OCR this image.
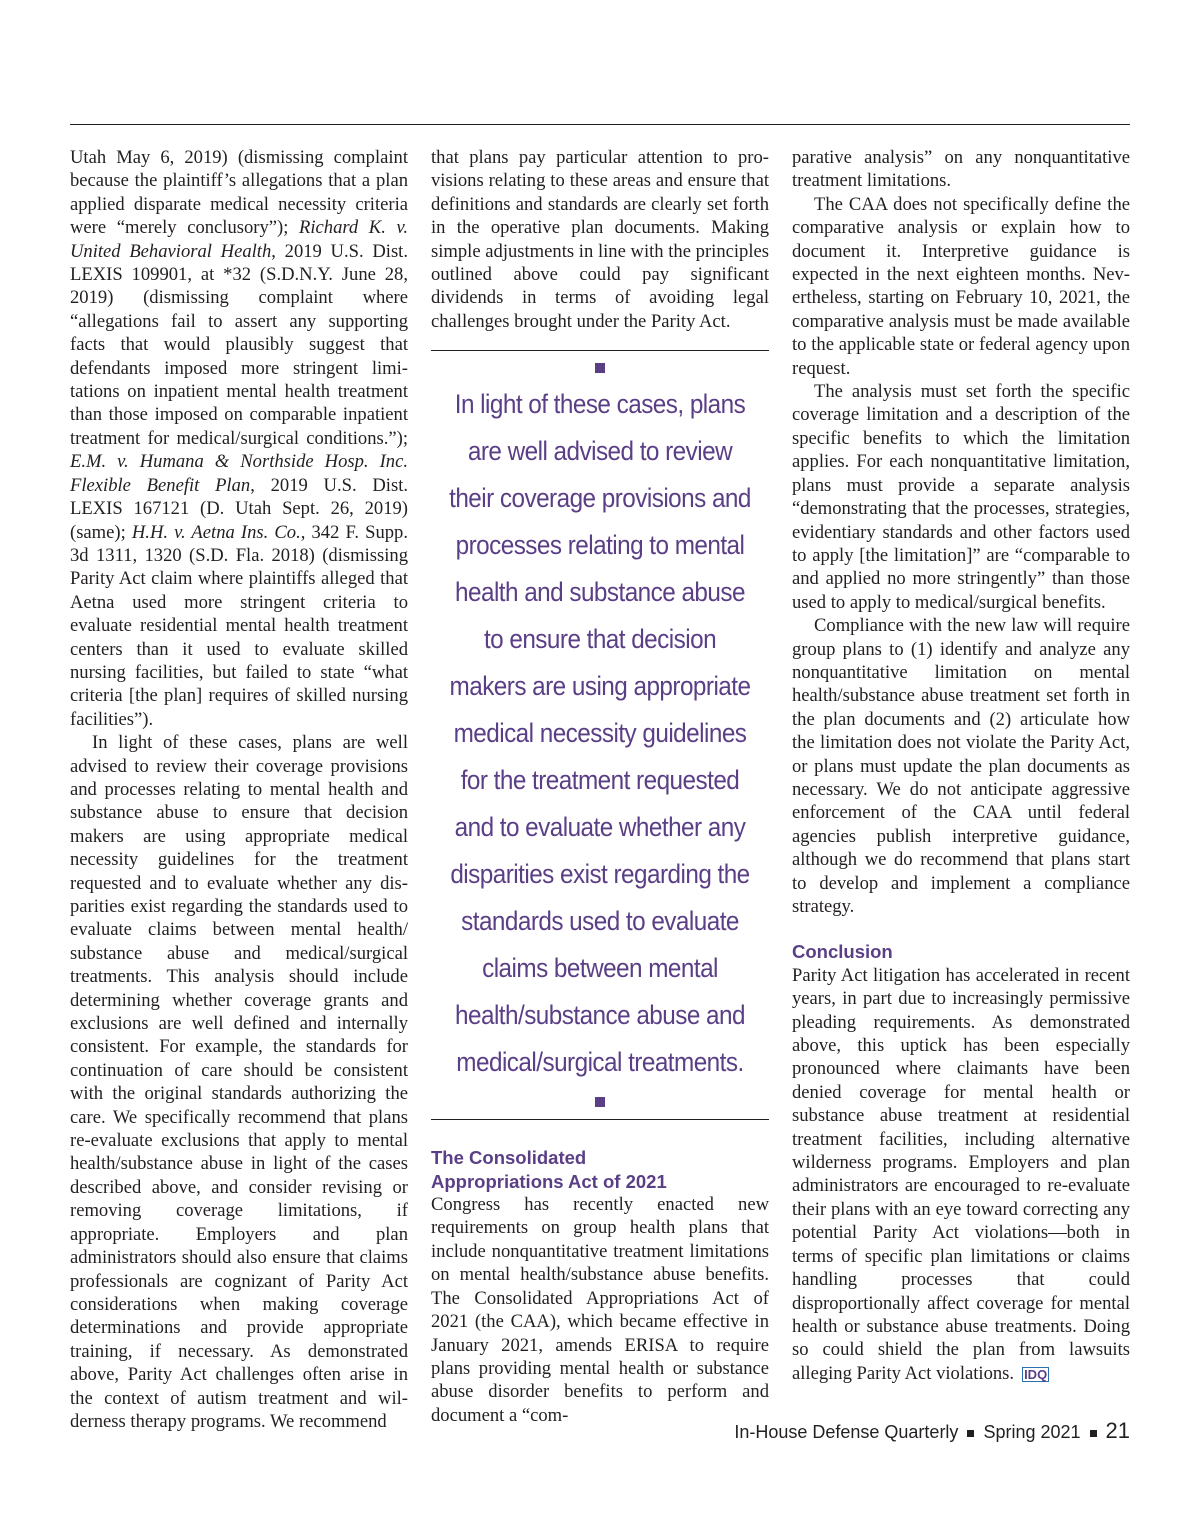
Utah May 6, 2019) (dismissing complaint because the plaintiff’s allegations that a plan applied disparate medical necessity criteria were “merely conclusory”); Richard K. v. United Behavioral Health, 2019 U.S. Dist. LEXIS 109901, at *32 (S.D.N.Y. June 28, 2019) (dismissing complaint where “allegations fail to assert any supporting facts that would plausibly suggest that defendants imposed more stringent limitations on inpatient mental health treatment than those imposed on comparable inpatient treatment for medical/surgical conditions.”); E.M. v. Humana & Northside Hosp. Inc. Flexible Benefit Plan, 2019 U.S. Dist. LEXIS 167121 (D. Utah Sept. 26, 2019) (same); H.H. v. Aetna Ins. Co., 342 F. Supp. 3d 1311, 1320 (S.D. Fla. 2018) (dismissing Parity Act claim where plaintiffs alleged that Aetna used more stringent criteria to evaluate residential mental health treatment centers than it used to evaluate skilled nursing facilities, but failed to state “what criteria [the plan] requires of skilled nursing facilities”).

In light of these cases, plans are well advised to review their coverage provisions and processes relating to mental health and substance abuse to ensure that decision makers are using appropriate medical necessity guidelines for the treatment requested and to evaluate whether any disparities exist regarding the standards used to evaluate claims between mental health/ substance abuse and medical/surgical treatments. This analysis should include determining whether coverage grants and exclusions are well defined and internally consistent. For example, the standards for continuation of care should be consistent with the original standards authorizing the care. We specifically recommend that plans re-evaluate exclusions that apply to mental health/substance abuse in light of the cases described above, and consider revising or removing coverage limitations, if appropriate. Employers and plan administrators should also ensure that claims professionals are cognizant of Parity Act considerations when making coverage determinations and provide appropriate training, if necessary. As demonstrated above, Parity Act challenges often arise in the context of autism treatment and wilderness therapy programs. We recommend

that plans pay particular attention to provisions relating to these areas and ensure that definitions and standards are clearly set forth in the operative plan documents. Making simple adjustments in line with the principles outlined above could pay significant dividends in terms of avoiding legal challenges brought under the Parity Act.

In light of these cases, plans are well advised to review their coverage provisions and processes relating to mental health and substance abuse to ensure that decision makers are using appropriate medical necessity guidelines for the treatment requested and to evaluate whether any disparities exist regarding the standards used to evaluate claims between mental health/substance abuse and medical/surgical treatments.
The Consolidated
Appropriations Act of 2021

Congress has recently enacted new requirements on group health plans that include nonquantitative treatment limitations on mental health/substance abuse benefits. The Consolidated Appropriations Act of 2021 (the CAA), which became effective in January 2021, amends ERISA to require plans providing mental health or substance abuse disorder benefits to perform and document a “com-

parative analysis” on any nonquantitative treatment limitations.

The CAA does not specifically define the comparative analysis or explain how to document it. Interpretive guidance is expected in the next eighteen months. Nevertheless, starting on February 10, 2021, the comparative analysis must be made available to the applicable state or federal agency upon request.

The analysis must set forth the specific coverage limitation and a description of the specific benefits to which the limitation applies. For each nonquantitative limitation, plans must provide a separate analysis “demonstrating that the processes, strategies, evidentiary standards and other factors used to apply [the limitation]” are “comparable to and applied no more stringently” than those used to apply to medical/surgical benefits.

Compliance with the new law will require group plans to (1) identify and analyze any nonquantitative limitation on mental health/substance abuse treatment set forth in the plan documents and (2) articulate how the limitation does not violate the Parity Act, or plans must update the plan documents as necessary. We do not anticipate aggressive enforcement of the CAA until federal agencies publish interpretive guidance, although we do recommend that plans start to develop and implement a compliance strategy.

Conclusion

Parity Act litigation has accelerated in recent years, in part due to increasingly permissive pleading requirements. As demonstrated above, this uptick has been especially pronounced where claimants have been denied coverage for mental health or substance abuse treatment at residential treatment facilities, including alternative wilderness programs. Employers and plan administrators are encouraged to re-evaluate their plans with an eye toward correcting any potential Parity Act violations—both in terms of specific plan limitations or claims handling processes that could disproportionally affect coverage for mental health or substance abuse treatments. Doing so could shield the plan from lawsuits alleging Parity Act violations. IDQ

In-House Defense Quarterly Spring 2021 21
